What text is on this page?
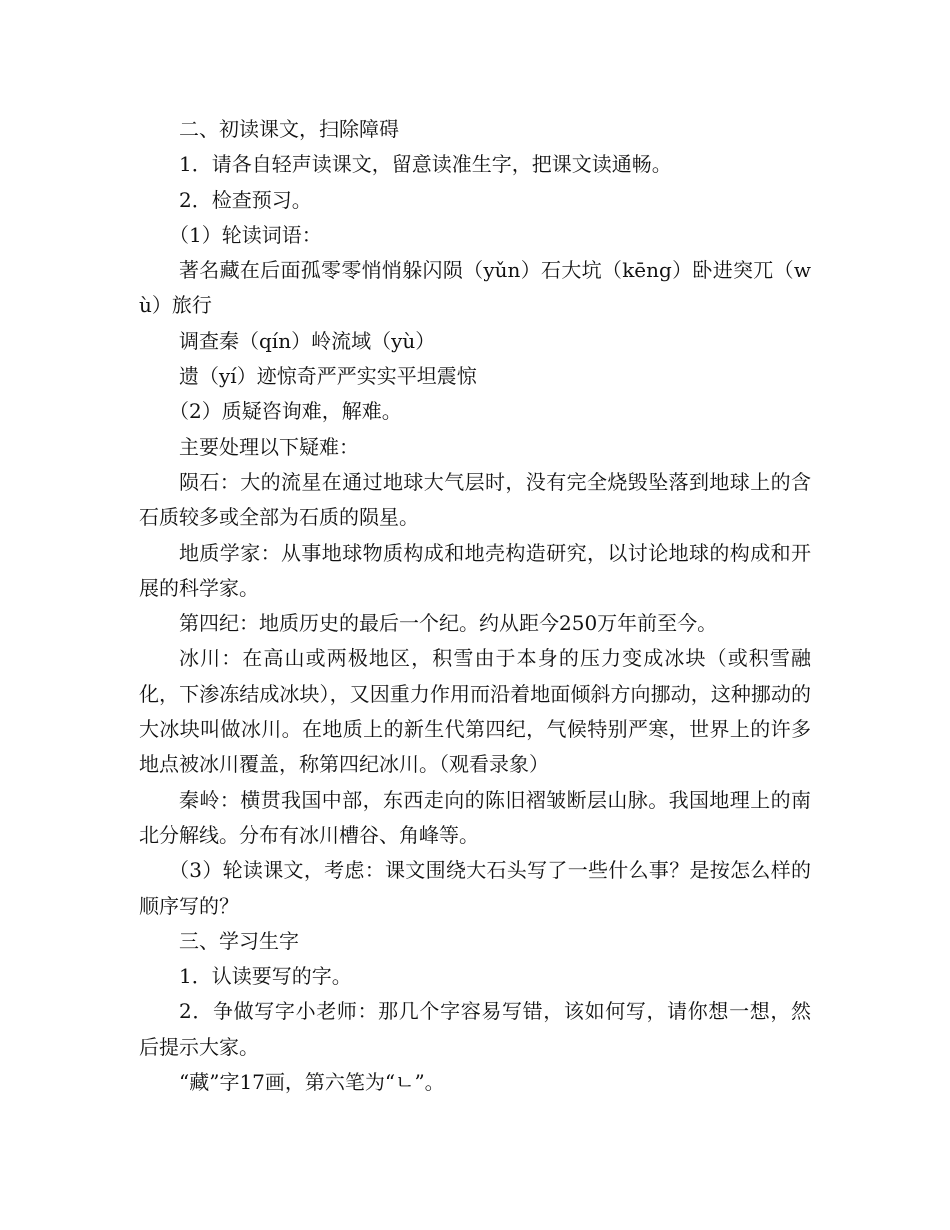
二、初读课文，扫除障碍

1．请各自轻声读课文，留意读准生字，把课文读通畅。

2．检查预习。

（1）轮读词语：

著名藏在后面孤零零悄悄躲闪陨（yǔn）石大坑（kēng）卧进突兀（wù）旅行

调查秦（qín）岭流域（yù）

遗（yí）迹惊奇严严实实平坦震惊

（2）质疑咨询难，解难。

主要处理以下疑难：

陨石：大的流星在通过地球大气层时，没有完全烧毁坠落到地球上的含石质较多或全部为石质的陨星。

地质学家：从事地球物质构成和地壳构造研究，以讨论地球的构成和开展的科学家。

第四纪：地质历史的最后一个纪。约从距今250万年前至今。

冰川：在高山或两极地区，积雪由于本身的压力变成冰块（或积雪融化，下渗冻结成冰块），又因重力作用而沿着地面倾斜方向挪动，这种挪动的大冰块叫做冰川。在地质上的新生代第四纪，气候特别严寒，世界上的许多地点被冰川覆盖，称第四纪冰川。（观看录象）

秦岭：横贯我国中部，东西走向的陈旧褶皱断层山脉。我国地理上的南北分解线。分布有冰川槽谷、角峰等。

（3）轮读课文，考虑：课文围绕大石头写了一些什么事？是按怎么样的顺序写的？

三、学习生字

1．认读要写的字。

2．争做写字小老师：那几个字容易写错，该如何写，请你想一想，然后提示大家。

“藏”字17画，第六笔为“ㄴ”。
